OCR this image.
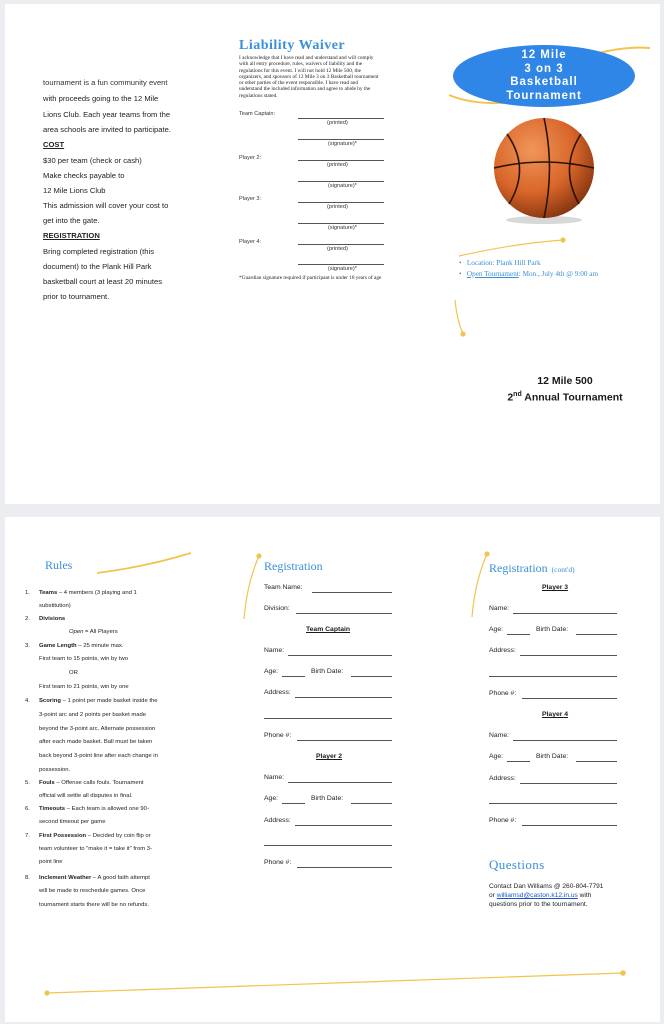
tournament is a fun community event
with proceeds going to the 12 Mile
Lions Club. Each year teams from the
area schools are invited to participate.
COST
$30 per team (check or cash)
Make checks payable to
12 Mile Lions Club
This admission will cover your cost to
get into the gate.
REGISTRATION
Bring completed registration (this
document) to the Plank Hill Park
basketball court at least 20 minutes
prior to tournament.
Liability Waiver
I acknowledge that I have read and understand and will comply
with all entry procedure, rules, waivers of liability and the
regulations for this event. I will not hold 12 Mile 500, the
organizers, and sponsors of 12 Mile 3 on 3 Basketball tournament
or other parties of the event responsible. I have read and
understand the included information and agree to abide by the
regulations stated.
Team Captain:
(printed)
(signature)*
Player 2:
(printed)
(signature)*
Player 3:
(printed)
(signature)*
Player 4:
(printed)
(signature)*
*Guardian signature required if participant is under 18 years of age
12 Mile
3 on 3
Basketball
Tournament
•   Location: Plank Hill Park
•   Open Tournament: Mon., July 4th @ 9:00 am
12 Mile 500
2nd Annual Tournament
Rules
1. Teams – 4 members (3 playing and 1
substitution)
2. Divisions
Open = All Players
3. Game Length – 25 minute max.
First team to 15 points, win by two
OR
First team to 21 points, win by one
4. Scoring – 1 point per made basket inside the
3-point arc and 2 points per basket made
beyond the 3-point arc. Alternate possession
after each made basket. Ball must be taken
back beyond 3-point line after each change in
possession.
5. Fouls – Offense calls fouls. Tournament
official will settle all disputes in final.
6. Timeouts – Each team is allowed one 90-
second timeout per game
7. First Possession – Decided by coin flip or
team volunteer to "make it = take it" from 3-
point line
8. Inclement Weather – A good faith attempt
will be made to reschedule games. Once
tournament starts there will be no refunds.
Registration
Team Name:
Division:
Team Captain
Name:
Age:	Birth Date:
Address:
Phone #:
Player 2
Name:
Age:	Birth Date:
Address:
Phone #:
Registration (cont'd)
Player 3
Name:
Age:	Birth Date:
Address:
Phone #:
Player 4
Name:
Age:	Birth Date:
Address:
Phone #:
Questions
Contact Dan Williams @ 260-804-7791
or williamsd@caston.k12.in.us with
questions prior to the tournament.
